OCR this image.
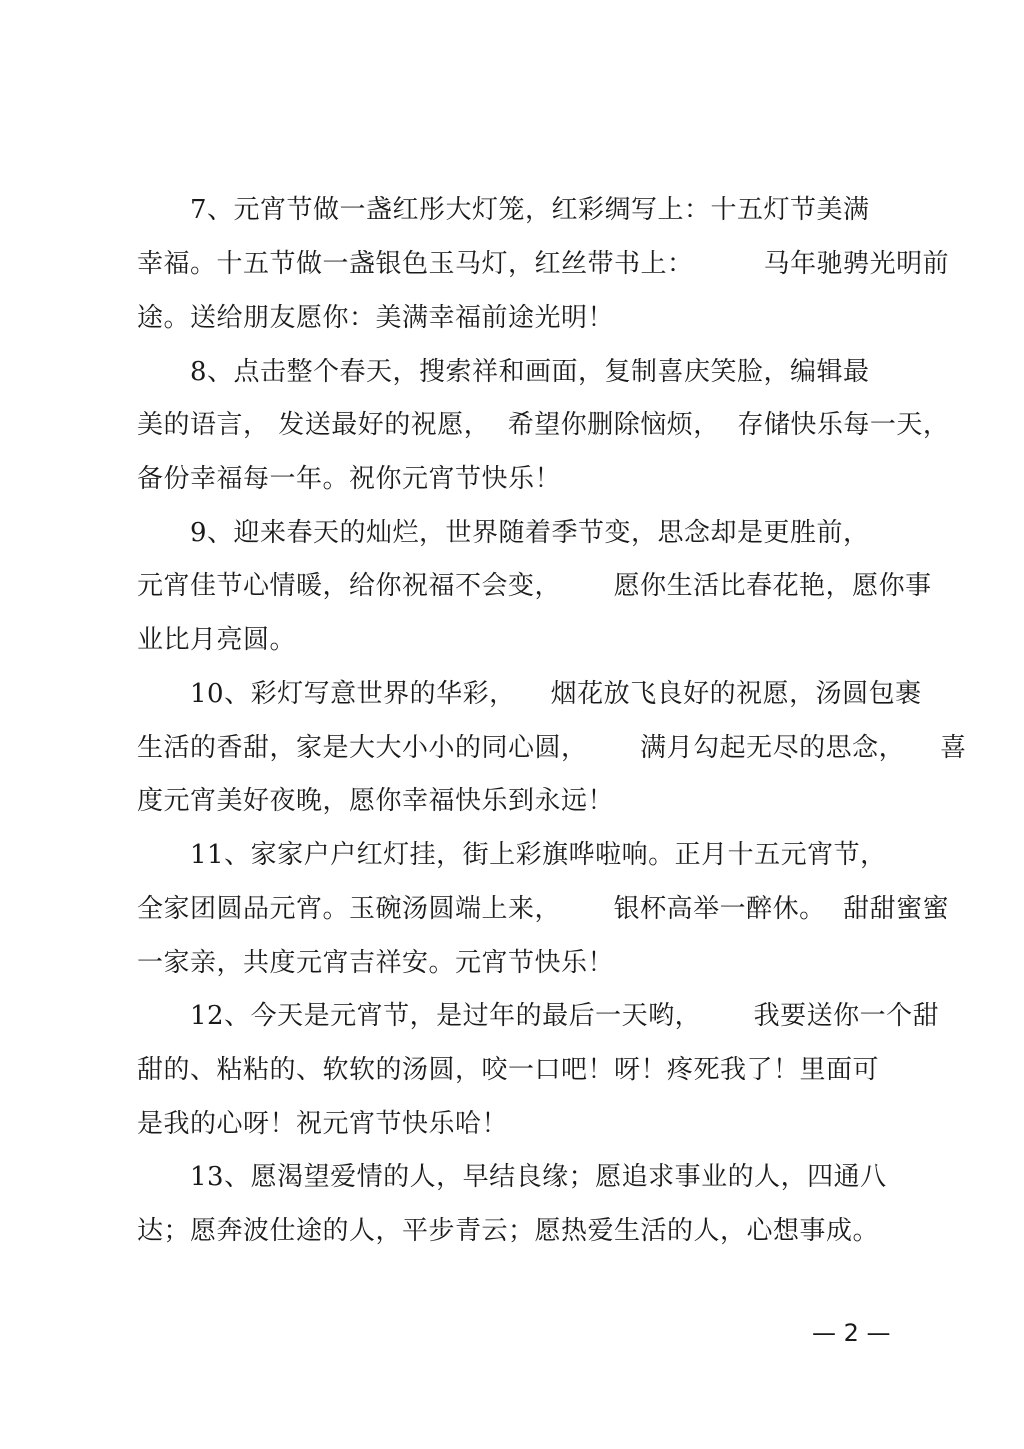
7、元宵节做一盏红彤大灯笼，红彩绸写上：十五灯节美满
幸福。十五节做一盏银色玉马灯，红丝带书上：        马年驰骋光明前
途。送给朋友愿你：美满幸福前途光明！
8、点击整个春天，搜索祥和画面，复制喜庆笑脸，编辑最
美的语言， 发送最好的祝愿，  希望你删除恼烦，  存储快乐每一天，
备份幸福每一年。祝你元宵节快乐！
9、迎来春天的灿烂，世界随着季节变，思念却是更胜前，
元宵佳节心情暖，给你祝福不会变，      愿你生活比春花艳，愿你事
业比月亮圆。
10、彩灯写意世界的华彩，    烟花放飞良好的祝愿，汤圆包裹
生活的香甜，家是大大小小的同心圆，      满月勾起无尽的思念，    喜
度元宵美好夜晚，愿你幸福快乐到永远！
11、家家户户红灯挂，街上彩旗哗啦响。正月十五元宵节，
全家团圆品元宵。玉碗汤圆端上来，      银杯高举一醉休。  甜甜蜜蜜
一家亲，共度元宵吉祥安。元宵节快乐！
12、今天是元宵节，是过年的最后一天哟，      我要送你一个甜
甜的、粘粘的、软软的汤圆，咬一口吧！呀！疼死我了！里面可
是我的心呀！祝元宵节快乐哈！
13、愿渴望爱情的人，早结良缘；愿追求事业的人，四通八
达；愿奔波仕途的人，平步青云；愿热爱生活的人，心想事成。
— 2 —
